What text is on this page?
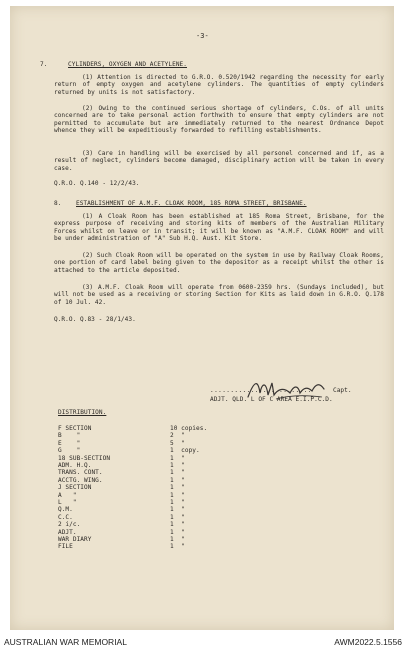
-3-
7.	CYLINDERS, OXYGEN AND ACETYLENE.
(1) Attention is directed to G.R.O. 0.520/1942 regarding the necessity for early return of empty oxygen and acetylene cylinders. The quantities of empty cylinders returned by units is not satisfactory.
(2) Owing to the continued serious shortage of cylinders, C.Os. of all units concerned are to take personal action forthwith to ensure that empty cylinders are not permitted to accumulate but are immediately returned to the nearest Ordnance Depot whence they will be expeditiously forwarded to refilling establishments.
(3) Care in handling will be exercised by all personel concerned and if, as a result of neglect, cylinders become damaged, disciplinary action will be taken in every case.
Q.R.O. Q.140 - 12/2/43.
8. ESTABLISHMENT OF A.M.F. CLOAK ROOM, 185 ROMA STREET, BRISBANE.
(1) A Cloak Room has been established at 185 Roma Street, Brisbane, for the express purpose of receiving and storing kits of members of the Australian Military Forces whilst on leave or in transit; it will be known as "A.M.F. CLOAK ROOM" and will be under administration of "A" Sub H.Q. Aust. Kit Store.
(2) Such Cloak Room will be operated on the system in use by Railway Cloak Rooms, one portion of card label being given to the depositor as a receipt whilst the other is attached to the article deposited.
(3) A.M.F. Cloak Room will operate from 0600-2359 hrs. (Sundays included), but will not be used as a receiving or storing Section for Kits as laid down in G.R.O. Q.178 of 10 Jul. 42.
Q.R.O. Q.83 - 28/1/43.
.........................	Capt.
ADJT. QLD. L OF C AREA E.I.P.C.D.
DISTRIBUTION.
F SECTION	10 copies.
B    "	2  "
E    "	5  "
G    "	1  copy.
18 SUB-SECTION	1  "
ADM. H.Q.	1  "
TRANS. CONT.	1  "
ACCTG. WING.	1  "
J SECTION	1  "
A   "	1  "
L   "	1  "
Q.M.	1  "
C.C.	1  "
2 i/c.	1  "
ADJT.	1  "
WAR DIARY	1  "
FILE	1  "
AUSTRALIAN WAR MEMORIAL	AWM2022.5.1556
